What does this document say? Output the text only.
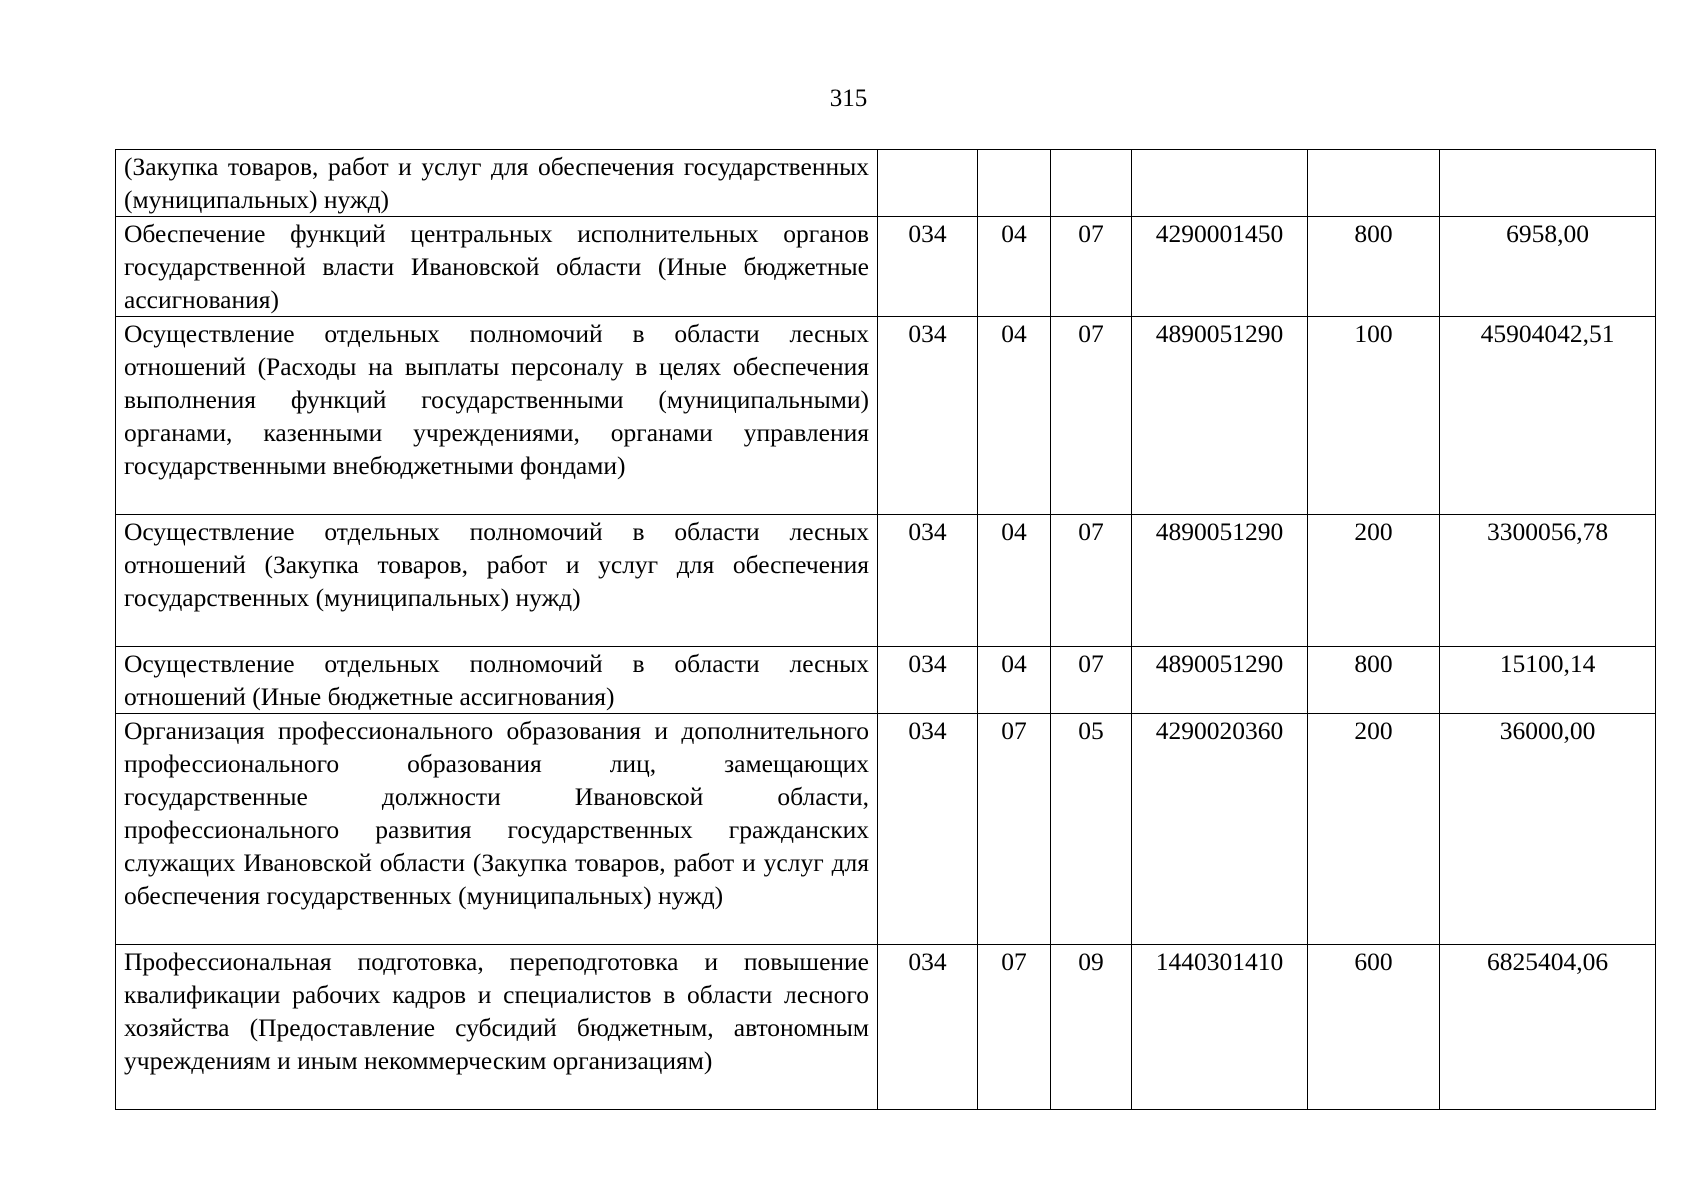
315
(Закупка товаров, работ и услуг для обеспечения государственных (муниципальных) нужд)						
Обеспечение функций центральных исполнительных органов государственной власти Ивановской области (Иные бюджетные ассигнования)	034	04	07	4290001450	800	6958,00
Осуществление отдельных полномочий в области лесных отношений (Расходы на выплаты персоналу в целях обеспечения выполнения функций государственными (муниципальными) органами, казенными учреждениями, органами управления государственными внебюджетными фондами)	034	04	07	4890051290	100	45904042,51
Осуществление отдельных полномочий в области лесных отношений (Закупка товаров, работ и услуг для обеспечения государственных (муниципальных) нужд)	034	04	07	4890051290	200	3300056,78
Осуществление отдельных полномочий в области лесных отношений (Иные бюджетные ассигнования)	034	04	07	4890051290	800	15100,14
Организация профессионального образования и дополнительного профессионального образования лиц, замещающих государственные должности Ивановской области, профессионального развития государственных гражданских служащих Ивановской области (Закупка товаров, работ и услуг для обеспечения государственных (муниципальных) нужд)	034	07	05	4290020360	200	36000,00
Профессиональная подготовка, переподготовка и повышение квалификации рабочих кадров и специалистов в области лесного хозяйства (Предоставление субсидий бюджетным, автономным учреждениям и иным некоммерческим организациям)	034	07	09	1440301410	600	6825404,06
